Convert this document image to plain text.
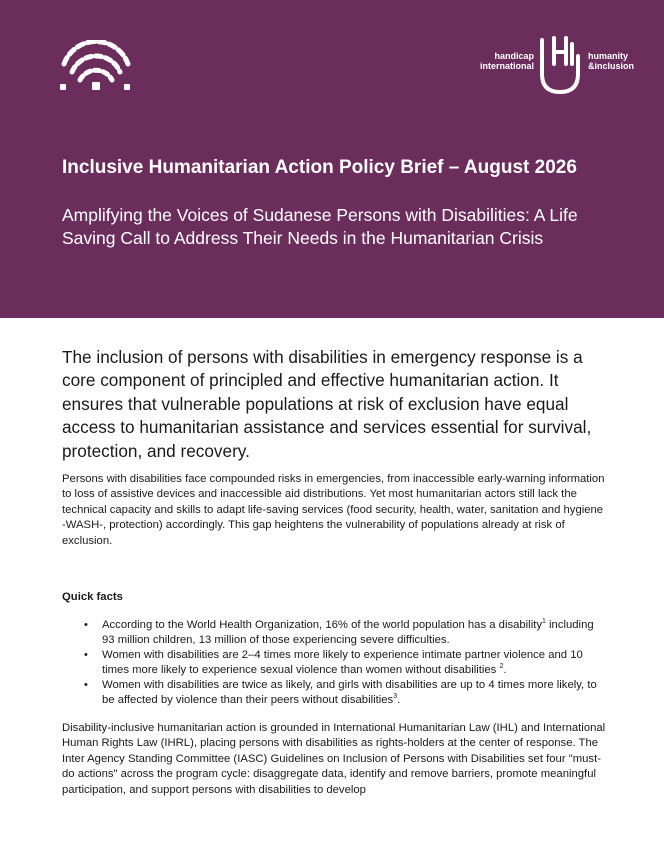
handicap
international
humanity
&inclusion
Inclusive Humanitarian Action Policy Brief – August 2026
Amplifying the Voices of Sudanese Persons with Disabilities: A Life Saving Call to Address Their Needs in the Humanitarian Crisis
The inclusion of persons with disabilities in emergency response is a core component of principled and effective humanitarian action. It ensures that vulnerable populations at risk of exclusion have equal access to humanitarian assistance and services essential for survival, protection, and recovery.
Persons with disabilities face compounded risks in emergencies, from inaccessible early-warning information to loss of assistive devices and inaccessible aid distributions. Yet most humanitarian actors still lack the technical capacity and skills to adapt life-saving services (food security, health, water, sanitation and hygiene -WASH-, protection) accordingly. This gap heightens the vulnerability of populations already at risk of exclusion.
Quick facts
• According to the World Health Organization, 16% of the world population has a disability$^1$ including 93 million children, 13 million of those experiencing severe difficulties.
• Women with disabilities are 2–4 times more likely to experience intimate partner violence and 10 times more likely to experience sexual violence than women without disabilities $^2$.
• Women with disabilities are twice as likely, and girls with disabilities are up to 4 times more likely, to be affected by violence than their peers without disabilities$^3$.
Disability-inclusive humanitarian action is grounded in International Humanitarian Law (IHL) and International Human Rights Law (IHRL), placing persons with disabilities as rights-holders at the center of response. The Inter Agency Standing Committee (IASC) Guidelines on Inclusion of Persons with Disabilities set four "must-do actions" across the program cycle: disaggregate data, identify and remove barriers, promote meaningful participation, and support persons with disabilities to develop
